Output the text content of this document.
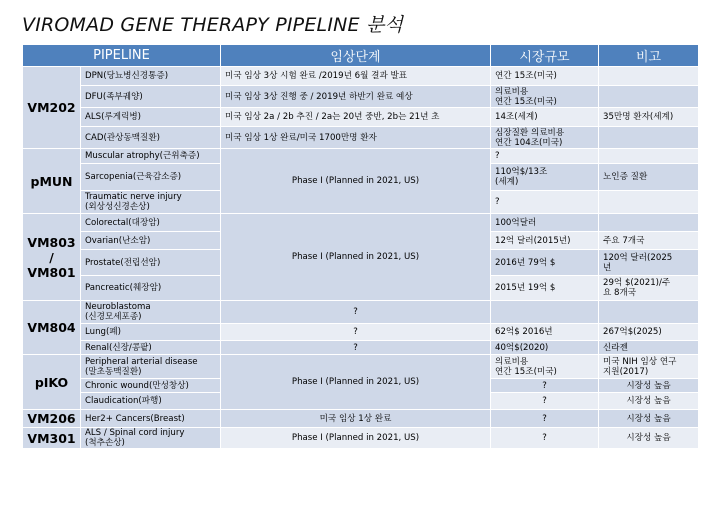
VIROMAD GENE THERAPY PIPELINE 분석
PIPELINE		임상단계	시장규모	비고
VM202	DPN(당뇨병신경통증)	미국 임상 3상 시험 완료 /2019년 6월 결과 발표	연간 15조(미국)	
	DFU(족부궤양)	미국 임상 3상 진행 중 / 2019년 하반기 완료 예상	의료비용
연간 15조(미국)	
	ALS(루게릭병)	미국 임상 2a / 2b 추진 / 2a는 20년 중반, 2b는 21년 초	14조(세계)	35만명 환자(세계)
	CAD(관상동맥질환)	미국 임상 1상 완료/미국 1700만명 환자	심장질환 의료비용
연간 104조(미국)	
pMUN	Muscular atrophy(근위축증)	Phase I (Planned in 2021, US)	?	
	Sarcopenia(근육감소증)		110억$/13조
(세계)	노인증 질환
	Traumatic nerve injury
(외상성신경손상)		?	
VM803
/
VM801	Colorectal(대장암)	Phase I (Planned in 2021, US)	100억달러	
	Ovarian(난소암)		12억 달러(2015년)	주요 7개국
	Prostate(전립선암)		2016년 79억 $	120억 달러(2025
년
	Pancreatic(췌장암)		2015년 19억 $	29억 $(2021)/주
요 8개국
VM804	Neuroblastoma
(신경모세포종)	?		
	Lung(폐)	?	62억$ 2016년	267억$(2025)
	Renal(신장/콩팥)	?	40억$(2020)	신라젠
pIKO	Peripheral arterial disease
(말초동맥질환)	Phase I (Planned in 2021, US)	의료비용
연간 15조(미국)	미국 NIH 임상 연구
지원(2017)
	Chronic wound(만성창상)		?	시장성 높음
	Claudication(파행)		?	시장성 높음
VM206	Her2+ Cancers(Breast)	미국 임상 1상 완료	?	시장성 높음
VM301	ALS / Spinal cord injury
(척추손상)	Phase I (Planned in 2021, US)	?	시장성 높음
